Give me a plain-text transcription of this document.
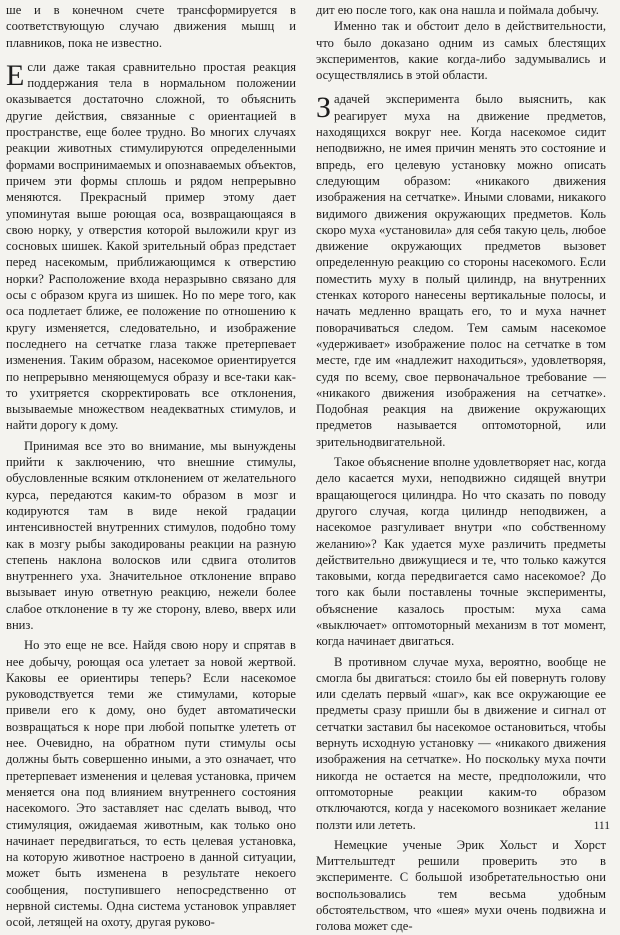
ше и в конечном счете трансформируется в соответствующую случаю движения мышц и плавников, пока не известно.

Если даже такая сравнительно простая реакция поддержания тела в нормальном положении оказывается достаточно сложной, то объяснить другие действия, связанные с ориентацией в пространстве, еще более трудно. Во многих случаях реакции животных стимулируются определенными формами воспринимаемых и опознаваемых объектов, причем эти формы сплошь и рядом непрерывно меняются. Прекрасный пример этому дает упоминутая выше роющая оса, возвращающаяся в свою норку, у отверстия которой выложили круг из сосновых шишек. Какой зрительный образ предстает перед насекомым, приближающимся к отверстию норки? Расположение входа неразрывно связано для осы с образом круга из шишек. Но по мере того, как оса подлетает ближе, ее положение по отношению к кругу изменяется, следовательно, и изображение последнего на сетчатке глаза также претерпевает изменения. Таким образом, насекомое ориентируется по непрерывно меняющемуся образу и все-таки как-то ухитряется скорректировать все отклонения, вызываемые множеством неадекватных стимулов, и найти дорогу к дому.

Принимая все это во внимание, мы вынуждены прийти к заключению, что внешние стимулы, обусловленные всяким отклонением от желательного курса, передаются каким-то образом в мозг и кодируются там в виде некой градации интенсивностей внутренних стимулов, подобно тому как в мозгу рыбы закодированы реакции на разную степень наклона волосков или сдвига отолитов внутреннего уха. Значительное отклонение вправо вызывает иную ответную реакцию, нежели более слабое отклонение в ту же сторону, влево, вверх или вниз.

Но это еще не все. Найдя свою нору и спрятав в нее добычу, роющая оса улетает за новой жертвой. Каковы ее ориентиры теперь? Если насекомое руководствуется теми же стимулами, которые привели его к дому, оно будет автоматически возвращаться к норе при любой попытке улететь от нее. Очевидно, на обратном пути стимулы осы должны быть совершенно иными, а это означает, что претерпевает изменения и целевая установка, причем меняется она под влиянием внутреннего состояния насекомого. Это заставляет нас сделать вывод, что стимуляция, ожидаемая животным, как только оно начинает передвигаться, то есть целевая установка, на которую животное настроено в данной ситуации, может быть изменена в результате некоего сообщения, поступившего непосредственно от нервной системы. Одна система установок управляет осой, летящей на охоту, другая руково-

дит ею после того, как она нашла и поймала добычу.

Именно так и обстоит дело в действительности, что было доказано одним из самых блестящих экспериментов, какие когда-либо задумывались и осуществлялись в этой области.

Задачей эксперимента было выяснить, как реагирует муха на движение предметов, находящихся вокруг нее. Когда насекомое сидит неподвижно, не имея причин менять это состояние и впредь, его целевую установку можно описать следующим образом: «никакого движения изображения на сетчатке». Иными словами, никакого видимого движения окружающих предметов. Коль скоро муха «установила» для себя такую цель, любое движение окружающих предметов вызовет определенную реакцию со стороны насекомого. Если поместить муху в полый цилиндр, на внутренних стенках которого нанесены вертикальные полосы, и начать медленно вращать его, то и муха начнет поворачиваться следом. Тем самым насекомое «удерживает» изображение полос на сетчатке в том месте, где им «надлежит находиться», удовлетворяя, судя по всему, свое первоначальное требование — «никакого движения изображения на сетчатке». Подобная реакция на движение окружающих предметов называется оптомоторной, или зрительнодвигательной.

Такое объяснение вполне удовлетворяет нас, когда дело касается мухи, неподвижно сидящей внутри вращающегося цилиндра. Но что сказать по поводу другого случая, когда цилиндр неподвижен, а насекомое разгуливает внутри «по собственному желанию»? Как удается мухе различить предметы действительно движущиеся и те, что только кажутся таковыми, когда передвигается само насекомое? До того как были поставлены точные эксперименты, объяснение казалось простым: муха сама «выключает» оптомоторный механизм в тот момент, когда начинает двигаться.

В противном случае муха, вероятно, вообще не смогла бы двигаться: стоило бы ей повернуть голову или сделать первый «шаг», как все окружающие ее предметы сразу пришли бы в движение и сигнал от сетчатки заставил бы насекомое остановиться, чтобы вернуть исходную установку — «никакого движения изображения на сетчатке». Но поскольку муха почти никогда не остается на месте, предположили, что оптомоторные реакции каким-то образом отключаются, когда у насекомого возникает желание ползти или лететь.

Немецкие ученые Эрик Хольст и Хорст Миттельштедт решили проверить это в эксперименте. С большой изобретательностью они воспользовались тем весьма удобным обстоятельством, что «шея» мухи очень подвижна и голова может сде-

111
